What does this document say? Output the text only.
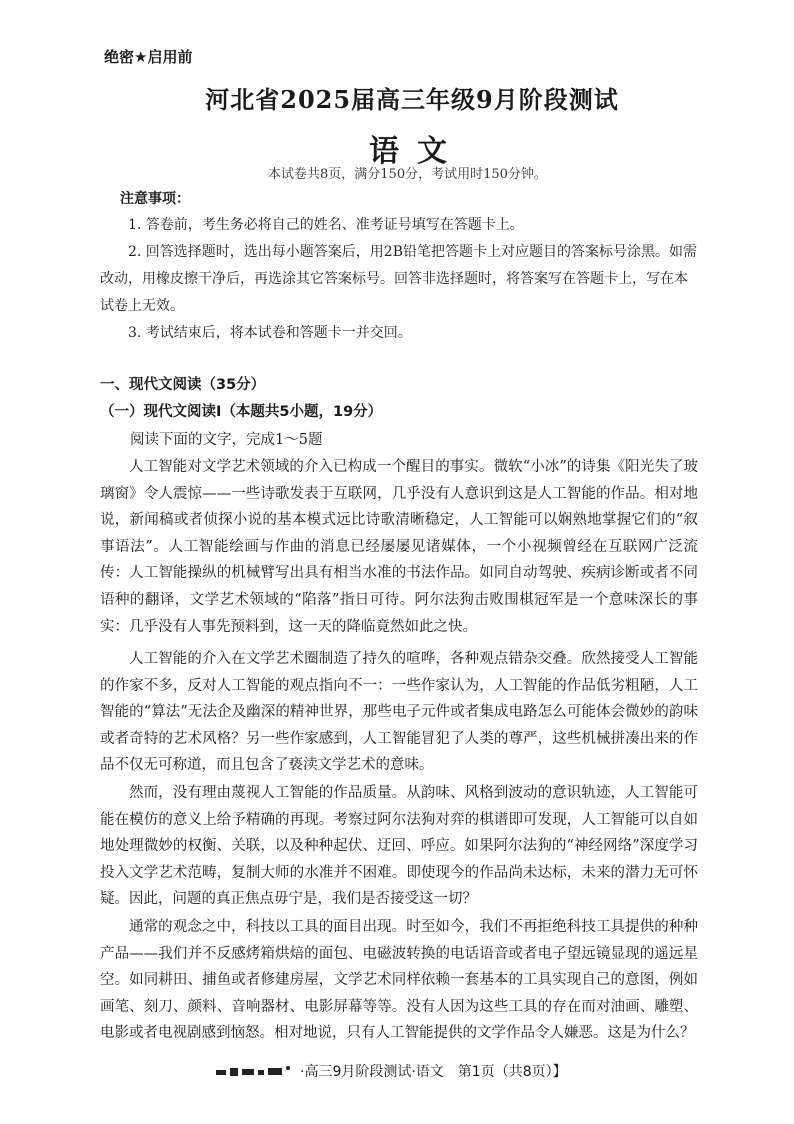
绝密★启用前
河北省2025届高三年级9月阶段测试
语文
本试卷共8页，满分150分，考试用时150分钟。
注意事项：
1. 答卷前，考生务必将自己的姓名、准考证号填写在答题卡上。
2. 回答选择题时，选出每小题答案后，用2B铅笔把答题卡上对应题目的答案标号涂黑。如需改动，用橡皮擦干净后，再选涂其它答案标号。回答非选择题时，将答案写在答题卡上，写在本试卷上无效。
3. 考试结束后，将本试卷和答题卡一并交回。
一、现代文阅读（35分）
（一）现代文阅读Ⅰ（本题共5小题，19分）
阅读下面的文字，完成1～5题
人工智能对文学艺术领域的介入已构成一个醒目的事实。微软“小冰”的诗集《阳光失了玻璃窗》令人震惊——一些诗歌发表于互联网，几乎没有人意识到这是人工智能的作品。相对地说，新闻稿或者侦探小说的基本模式远比诗歌清晰稳定，人工智能可以娴熟地掌握它们的“叙事语法”。人工智能绘画与作曲的消息已经屡屡见诸媒体，一个小视频曾经在互联网广泛流传：人工智能操纵的机械臂写出具有相当水准的书法作品。如同自动驾驶、疾病诊断或者不同语种的翻译，文学艺术领域的“陷落”指日可待。阿尔法狗击败围棋冠军是一个意味深长的事实：几乎没有人事先预料到，这一天的降临竟然如此之快。
人工智能的介入在文学艺术圈制造了持久的喧哗，各种观点错杂交叠。欣然接受人工智能的作家不多，反对人工智能的观点指向不一：一些作家认为，人工智能的作品低劣粗陋，人工智能的“算法”无法企及幽深的精神世界，那些电子元件或者集成电路怎么可能体会微妙的韵味或者奇特的艺术风格？另一些作家感到，人工智能冒犯了人类的尊严，这些机械拼凑出来的作品不仅无可称道，而且包含了亵渎文学艺术的意味。
然而，没有理由蔑视人工智能的作品质量。从韵味、风格到波动的意识轨迹，人工智能可能在模仿的意义上给予精确的再现。考察过阿尔法狗对弈的棋谱即可发现，人工智能可以自如地处理微妙的权衡、关联，以及种种起伏、迂回、呼应。如果阿尔法狗的“神经网络”深度学习投入文学艺术范畴，复制大师的水准并不困难。即使现今的作品尚未达标，未来的潜力无可怀疑。因此，问题的真正焦点毋宁是，我们是否接受这一切？
通常的观念之中，科技以工具的面目出现。时至如今，我们不再拒绝科技工具提供的种种产品——我们并不反感烤箱烘焙的面包、电磁波转换的电话语音或者电子望远镜显现的遥远星空。如同耕田、捕鱼或者修建房屋，文学艺术同样依赖一套基本的工具实现自己的意图，例如画笔、刻刀、颜料、音响器材、电影屏幕等等。没有人因为这些工具的存在而对油画、雕塑、电影或者电视剧感到恼怒。相对地说，只有人工智能提供的文学作品令人嫌恶。这是为什么？
·高三9月阶段测试·语文　第1页（共8页）】
